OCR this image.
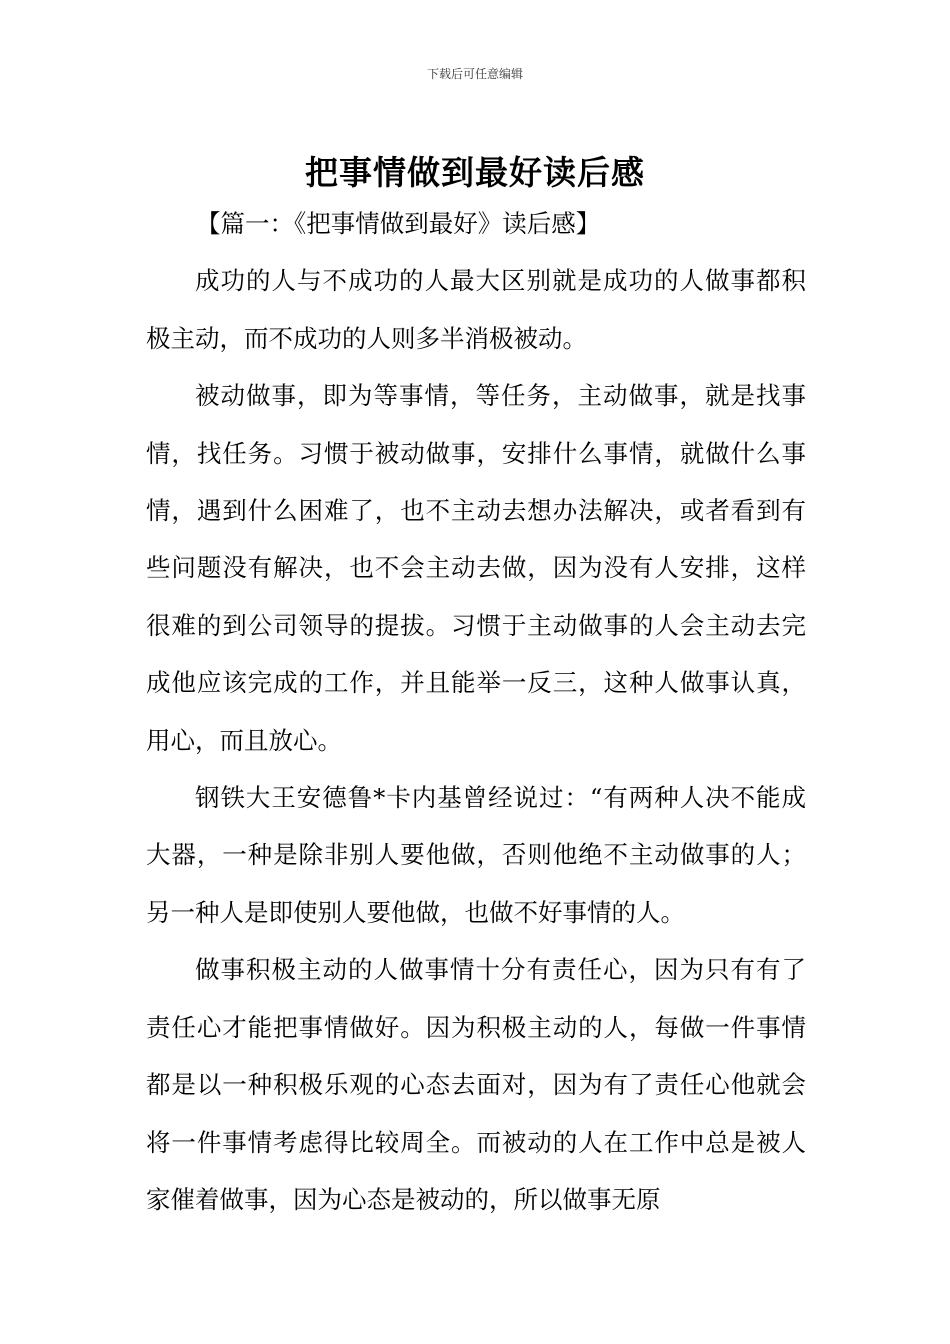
下载后可任意编辑
把事情做到最好读后感

【篇一：《把事情做到最好》读后感】

成功的人与不成功的人最大区别就是成功的人做事都积极主动，而不成功的人则多半消极被动。

被动做事，即为等事情，等任务，主动做事，就是找事情，找任务。习惯于被动做事，安排什么事情，就做什么事情，遇到什么困难了，也不主动去想办法解决，或者看到有些问题没有解决，也不会主动去做，因为没有人安排，这样很难的到公司领导的提拔。习惯于主动做事的人会主动去完成他应该完成的工作，并且能举一反三，这种人做事认真，用心，而且放心。

钢铁大王安德鲁*卡内基曾经说过：“有两种人决不能成大器，一种是除非别人要他做，否则他绝不主动做事的人；另一种人是即使别人要他做，也做不好事情的人。

做事积极主动的人做事情十分有责任心，因为只有有了责任心才能把事情做好。因为积极主动的人，每做一件事情都是以一种积极乐观的心态去面对，因为有了责任心他就会将一件事情考虑得比较周全。而被动的人在工作中总是被人家催着做事，因为心态是被动的，所以做事无原
